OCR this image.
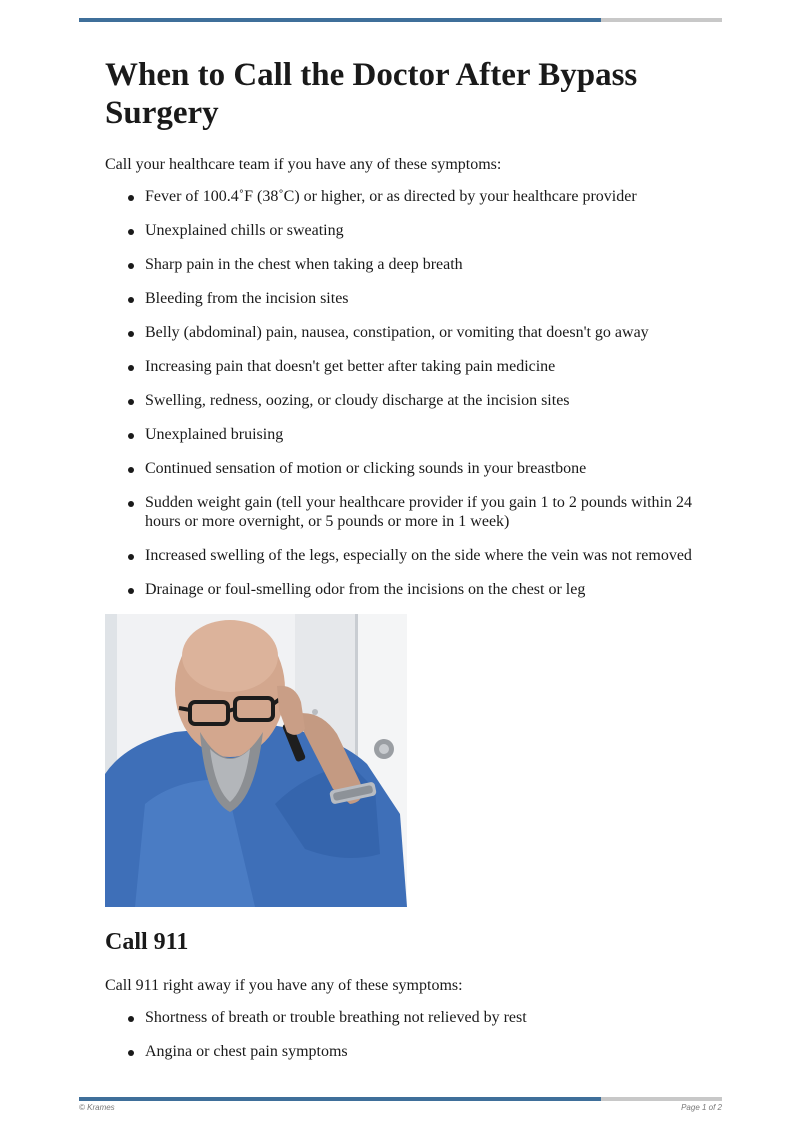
When to Call the Doctor After Bypass Surgery

Call your healthcare team if you have any of these symptoms:

Fever of 100.4˚F (38˚C) or higher, or as directed by your healthcare provider
Unexplained chills or sweating
Sharp pain in the chest when taking a deep breath
Bleeding from the incision sites
Belly (abdominal) pain, nausea, constipation, or vomiting that doesn't go away
Increasing pain that doesn't get better after taking pain medicine
Swelling, redness, oozing, or cloudy discharge at the incision sites
Unexplained bruising
Continued sensation of motion or clicking sounds in your breastbone
Sudden weight gain (tell your healthcare provider if you gain 1 to 2 pounds within 24 hours or more overnight, or 5 pounds or more in 1 week)
Increased swelling of the legs, especially on the side where the vein was not removed
Drainage or foul-smelling odor from the incisions on the chest or leg
Call 911

Call 911 right away if you have any of these symptoms:

Shortness of breath or trouble breathing not relieved by rest
Angina or chest pain symptoms
© Krames	Page 1 of 2
